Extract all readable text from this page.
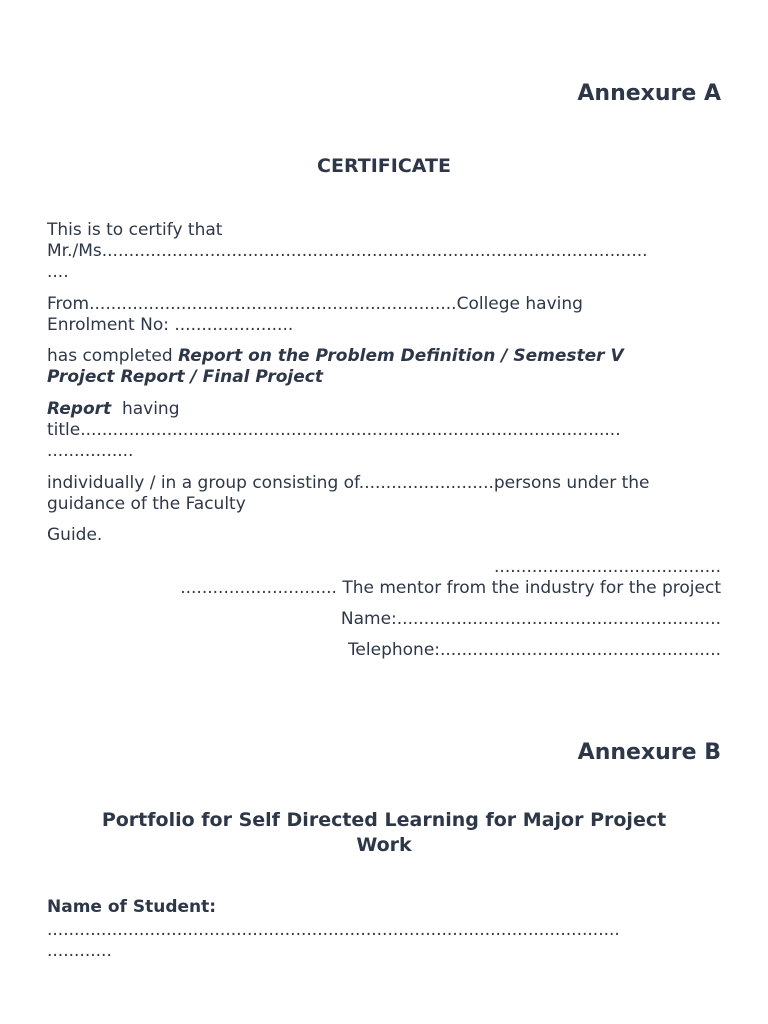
Annexure A
CERTIFICATE
This is to certify that
Mr./Ms.....................................................................................................
....
From....................................................................College having
Enrolment No: ......................
has completed Report on the Problem Definition / Semester V
Project Report / Final Project
Report  having
title....................................................................................................
................
individually / in a group consisting of.........................persons under the
guidance of the Faculty
Guide.
..........................................
............................. The mentor from the industry for the project
Name:............................................................
Telephone:....................................................
Annexure B
Portfolio for Self Directed Learning for Major Project
Work
Name of Student:
..........................................................................................................
............
